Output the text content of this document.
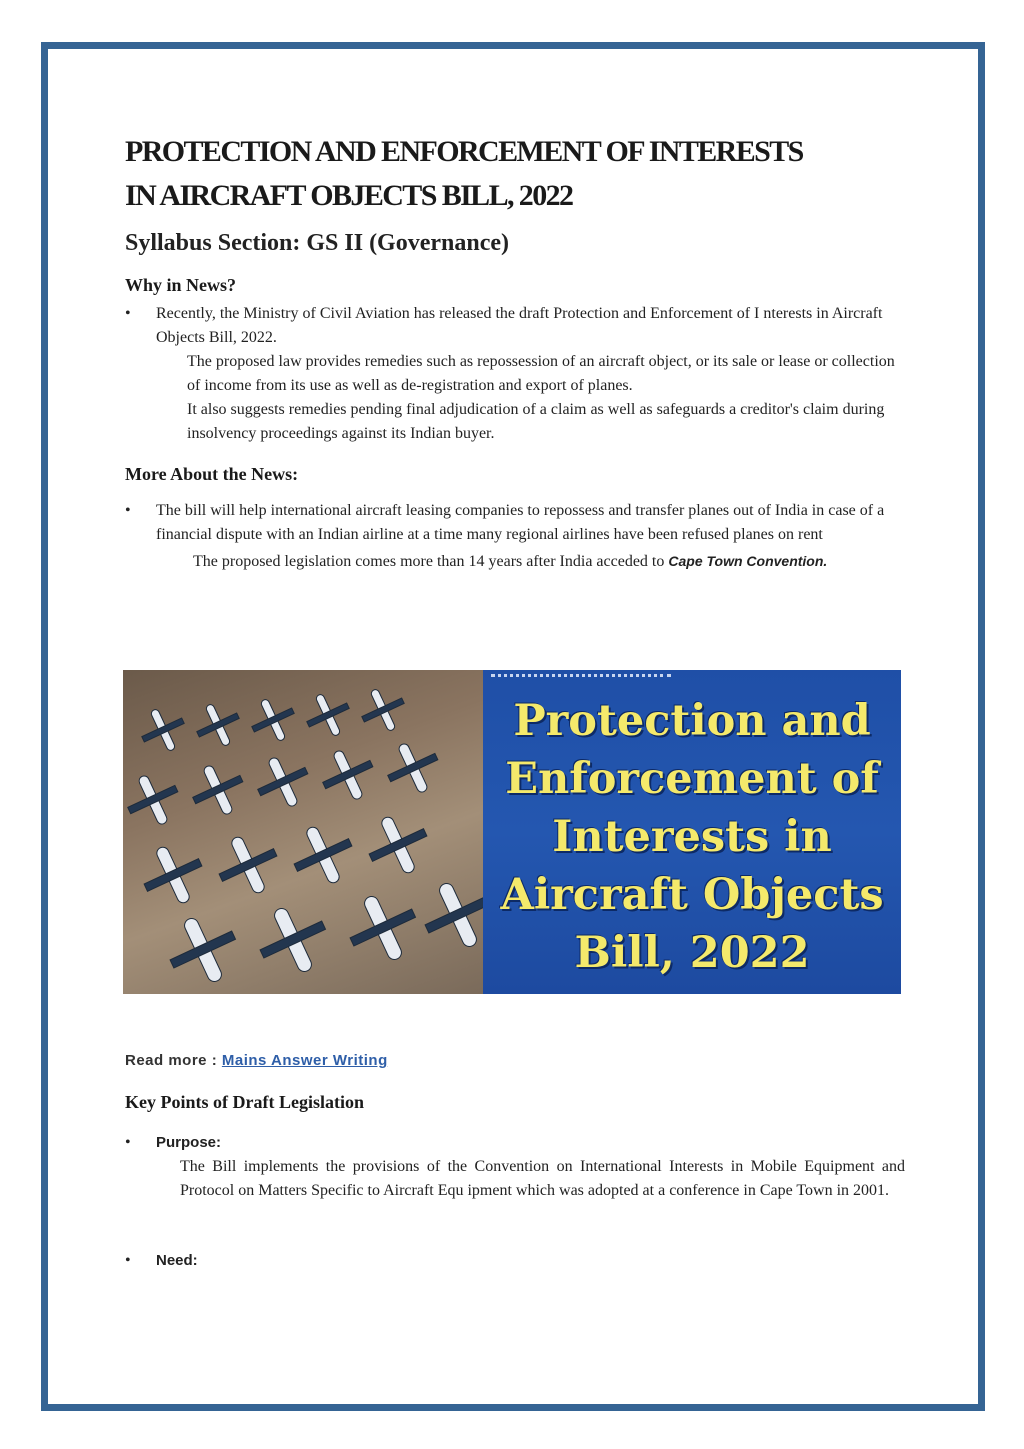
PROTECTION AND ENFORCEMENT OF INTERESTS
IN AIRCRAFT OBJECTS BILL, 2022
Syllabus Section: GS II (Governance)
Why in News?
•	Recently, the Ministry of Civil Aviation has released the draft Protection and Enforcement of I nterests in Aircraft Objects Bill, 2022.
The proposed law provides remedies such as repossession of an aircraft object, or its sale or lease or collection of income from its use as well as de-registration and export of planes.
It also suggests remedies pending final adjudication of a claim as well as safeguards a creditor's claim during insolvency proceedings against its Indian buyer.
More About the News:
•	The bill will help international aircraft leasing companies to repossess and transfer planes out of India in case of a financial dispute with an Indian airline at a time many regional airlines have been refused planes on rent
The proposed legislation comes more than 14 years after India acceded to Cape Town Convention.
Protection and
Enforcement of
Interests in
Aircraft Objects
Bill, 2022
Read more : Mains Answer Writing
Key Points of Draft Legislation
•	Purpose:
The Bill implements the provisions of the Convention on International Interests in Mobile Equipment and Protocol on Matters Specific to Aircraft Equ ipment which was adopted at a conference in Cape Town in 2001.
•	Need:
